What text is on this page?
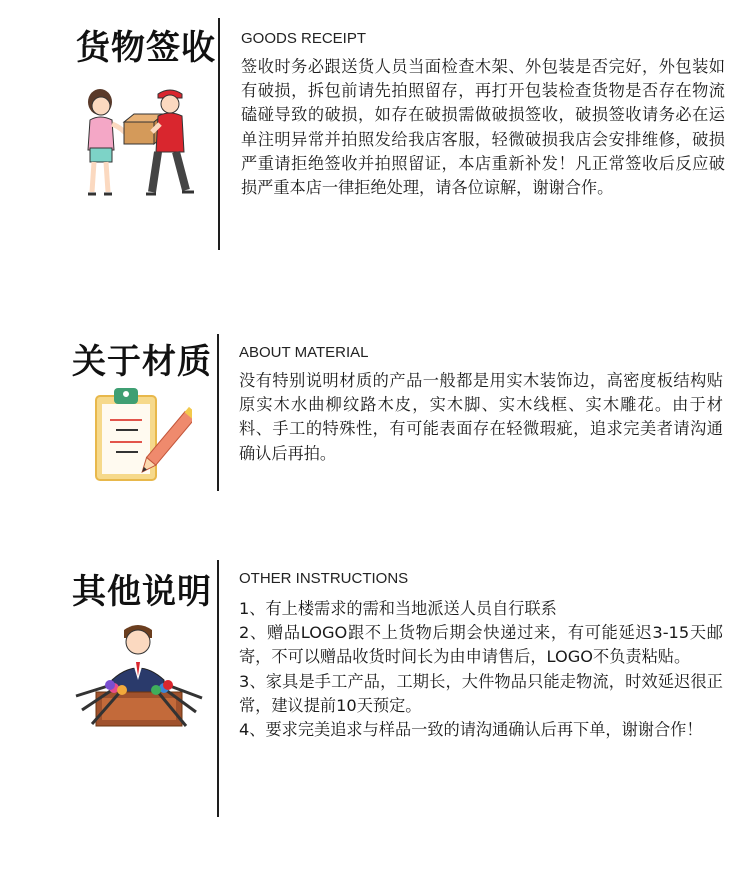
货物签收 GOODS RECEIPT

签收时务必跟送货人员当面检查木架、外包装是否完好，外包装如有破损，拆包前请先拍照留存，再打开包装检查货物是否存在物流磕碰导致的破损，如存在破损需做破损签收，破损签收请务必在运单注明异常并拍照发给我店客服，轻微破损我店会安排维修，破损严重请拒绝签收并拍照留证，本店重新补发！凡正常签收后反应破损严重本店一律拒绝处理，请各位谅解，谢谢合作。

关于材质 ABOUT MATERIAL

没有特别说明材质的产品一般都是用实木装饰边，高密度板结构贴原实木水曲柳纹路木皮，实木脚、实木线框、实木雕花。由于材料、手工的特殊性，有可能表面存在轻微瑕疵，追求完美者请沟通确认后再拍。

其他说明 OTHER INSTRUCTIONS

1、有上楼需求的需和当地派送人员自行联系

2、赠品LOGO跟不上货物后期会快递过来，有可能延迟3-15天邮寄，不可以赠品收货时间长为由申请售后，LOGO不负责粘贴。

3、家具是手工产品，工期长，大件物品只能走物流，时效延迟很正常，建议提前10天预定。

4、要求完美追求与样品一致的请沟通确认后再下单，谢谢合作！
